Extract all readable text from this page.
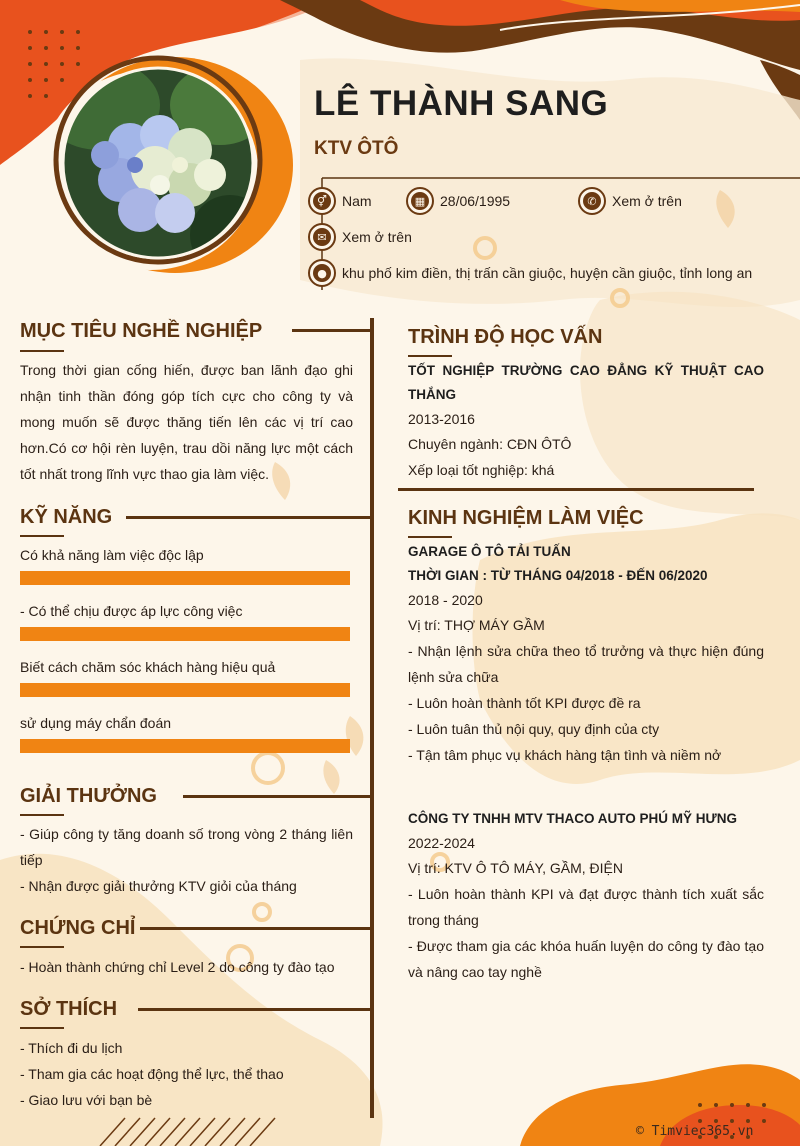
LÊ THÀNH SANG
KTV ÔTÔ
⚥ Nam	▦ 28/06/1995	✆	Xem ở trên
✉	Xem ở trên
●	khu phố kim điền, thị trấn cần giuộc, huyện cần giuộc, tỉnh long an
MỤC TIÊU NGHỀ NGHIỆP
Trong thời gian cống hiến, được ban lãnh đạo ghi nhận tinh thần đóng góp tích cực cho công ty và mong muốn sẽ được thăng tiến lên các vị trí cao hơn.Có cơ hội rèn luyện, trau dồi năng lực một cách tốt nhất trong lĩnh vực thao gia làm việc.
KỸ NĂNG
Có khả năng làm việc độc lập
- Có thể chịu được áp lực công việc
Biết cách chăm sóc khách hàng hiệu quả
sử dụng máy chẩn đoán
GIẢI THƯỞNG
- Giúp công ty tăng doanh số trong vòng 2 tháng liên tiếp
- Nhận được giải thưởng KTV giỏi của tháng
CHỨNG CHỈ
- Hoàn thành chứng chỉ Level 2 do công ty đào tạo
SỞ THÍCH
- Thích đi du lịch
- Tham gia các hoạt động thể lực, thể thao
- Giao lưu với bạn bè
TRÌNH ĐỘ HỌC VẤN
TỐT NGHIỆP TRƯỜNG CAO ĐẲNG KỸ THUẬT CAO THẮNG
2013-2016
Chuyên ngành: CĐN ÔTÔ
Xếp loại tốt nghiệp: khá
KINH NGHIỆM LÀM VIỆC
GARAGE Ô TÔ TẢI TUẤN
THỜI GIAN : TỪ THÁNG 04/2018 - ĐẾN 06/2020
2018 - 2020
Vị trí: THỢ MÁY GẦM
- Nhận lệnh sửa chữa theo tổ trưởng và thực hiện đúng lệnh sửa chữa
- Luôn hoàn thành tốt KPI được đề ra
- Luôn tuân thủ nội quy, quy định của cty
- Tận tâm phục vụ khách hàng tận tình và niềm nở
CÔNG TY TNHH MTV THACO AUTO PHÚ MỸ HƯNG
2022-2024
Vị trí: KTV Ô TÔ MÁY, GẦM, ĐIỆN
- Luôn hoàn thành KPI và đạt được thành tích xuất sắc trong tháng
- Được tham gia các khóa huấn luyện do công ty đào tạo và nâng cao tay nghề
© Timviec365.vn
